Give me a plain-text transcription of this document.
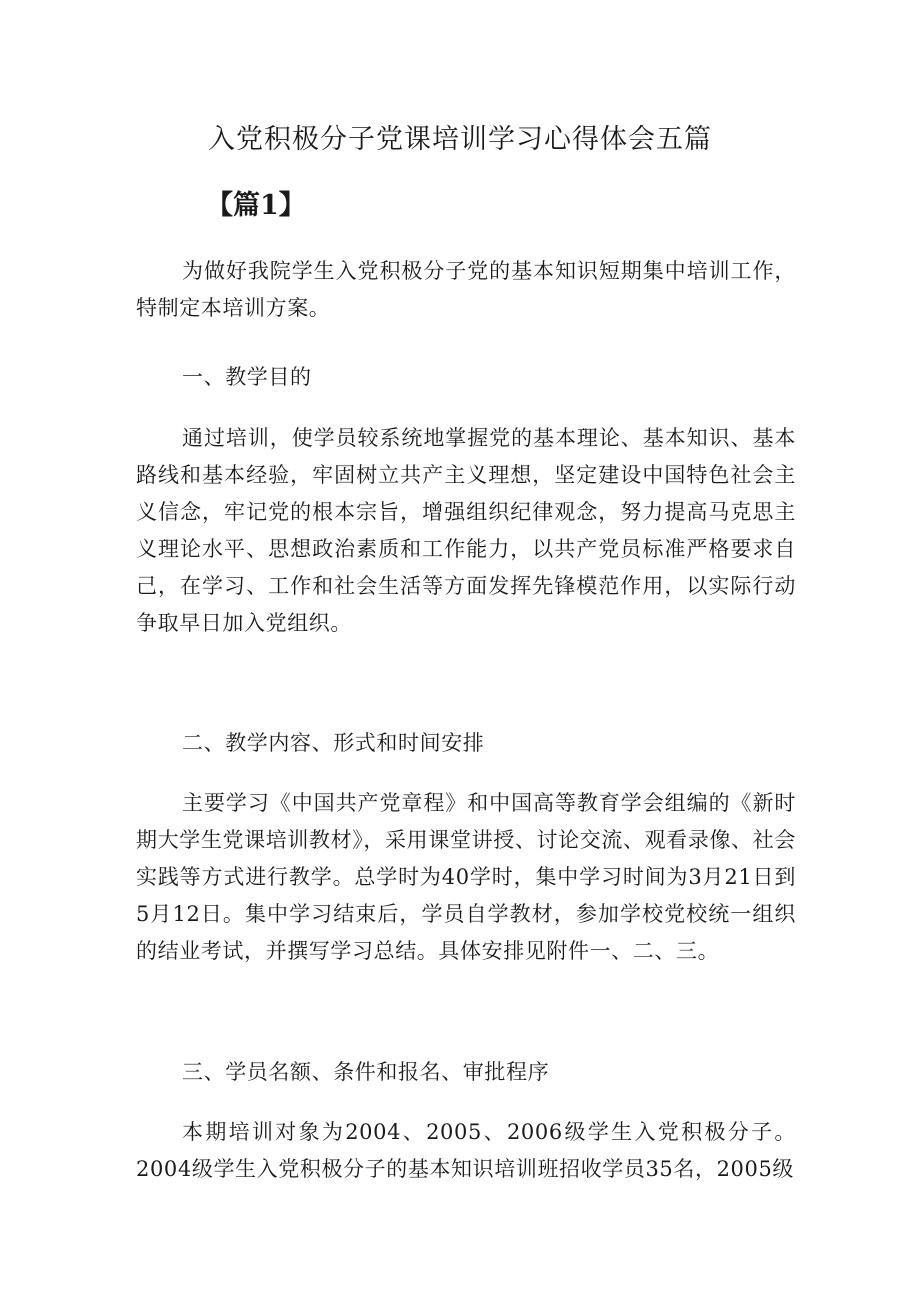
入党积极分子党课培训学习心得体会五篇
【篇1】

为做好我院学生入党积极分子党的基本知识短期集中培训工作，特制定本培训方案。

一、教学目的

通过培训，使学员较系统地掌握党的基本理论、基本知识、基本路线和基本经验，牢固树立共产主义理想，坚定建设中国特色社会主义信念，牢记党的根本宗旨，增强组织纪律观念，努力提高马克思主义理论水平、思想政治素质和工作能力，以共产党员标准严格要求自己，在学习、工作和社会生活等方面发挥先锋模范作用，以实际行动争取早日加入党组织。

二、教学内容、形式和时间安排

主要学习《中国共产党章程》和中国高等教育学会组编的《新时期大学生党课培训教材》，采用课堂讲授、讨论交流、观看录像、社会实践等方式进行教学。总学时为40学时，集中学习时间为3月21日到5月12日。集中学习结束后，学员自学教材，参加学校党校统一组织的结业考试，并撰写学习总结。具体安排见附件一、二、三。

三、学员名额、条件和报名、审批程序

本期培训对象为2004、2005、2006级学生入党积极分子。2004级学生入党积极分子的基本知识培训班招收学员35名，2005级
